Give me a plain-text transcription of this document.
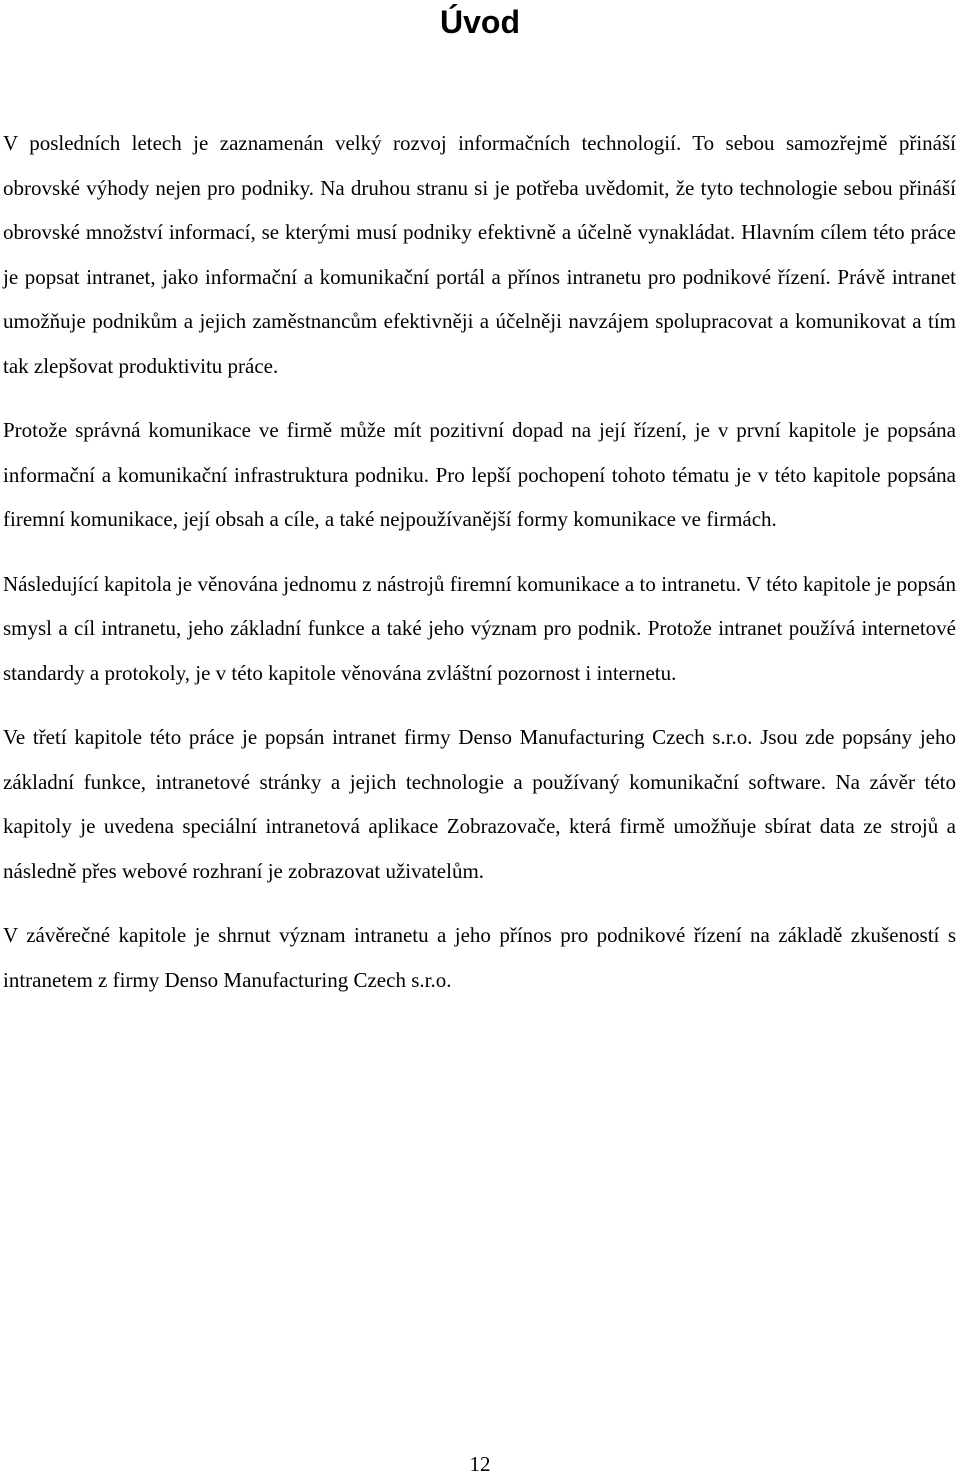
Úvod

V posledních letech je zaznamenán velký rozvoj informačních technologií. To sebou samozřejmě přináší obrovské výhody nejen pro podniky. Na druhou stranu si je potřeba uvědomit, že tyto technologie sebou přináší obrovské množství informací, se kterými musí podniky efektivně a účelně vynakládat. Hlavním cílem této práce je popsat intranet, jako informační a komunikační portál a přínos intranetu pro podnikové řízení. Právě intranet umožňuje podnikům a jejich zaměstnancům efektivněji a účelněji navzájem spolupracovat a komunikovat a tím tak zlepšovat produktivitu práce.

Protože správná komunikace ve firmě může mít pozitivní dopad na její řízení, je v první kapitole je popsána informační a komunikační infrastruktura podniku. Pro lepší pochopení tohoto tématu je v této kapitole popsána firemní komunikace, její obsah a cíle, a také nejpoužívanější formy komunikace ve firmách.

Následující kapitola je věnována jednomu z nástrojů firemní komunikace a to intranetu. V této kapitole je popsán smysl a cíl intranetu, jeho základní funkce a také jeho význam pro podnik. Protože intranet používá internetové standardy a protokoly, je v této kapitole věnována zvláštní pozornost i internetu.

Ve třetí kapitole této práce je popsán intranet firmy Denso Manufacturing Czech s.r.o. Jsou zde popsány jeho základní funkce, intranetové stránky a jejich technologie a používaný komunikační software. Na závěr této kapitoly je uvedena speciální intranetová aplikace Zobrazovače, která firmě umožňuje sbírat data ze strojů a následně přes webové rozhraní je zobrazovat uživatelům.

V závěrečné kapitole je shrnut význam intranetu a jeho přínos pro podnikové řízení na základě zkušeností s intranetem z firmy Denso Manufacturing Czech s.r.o.

12
